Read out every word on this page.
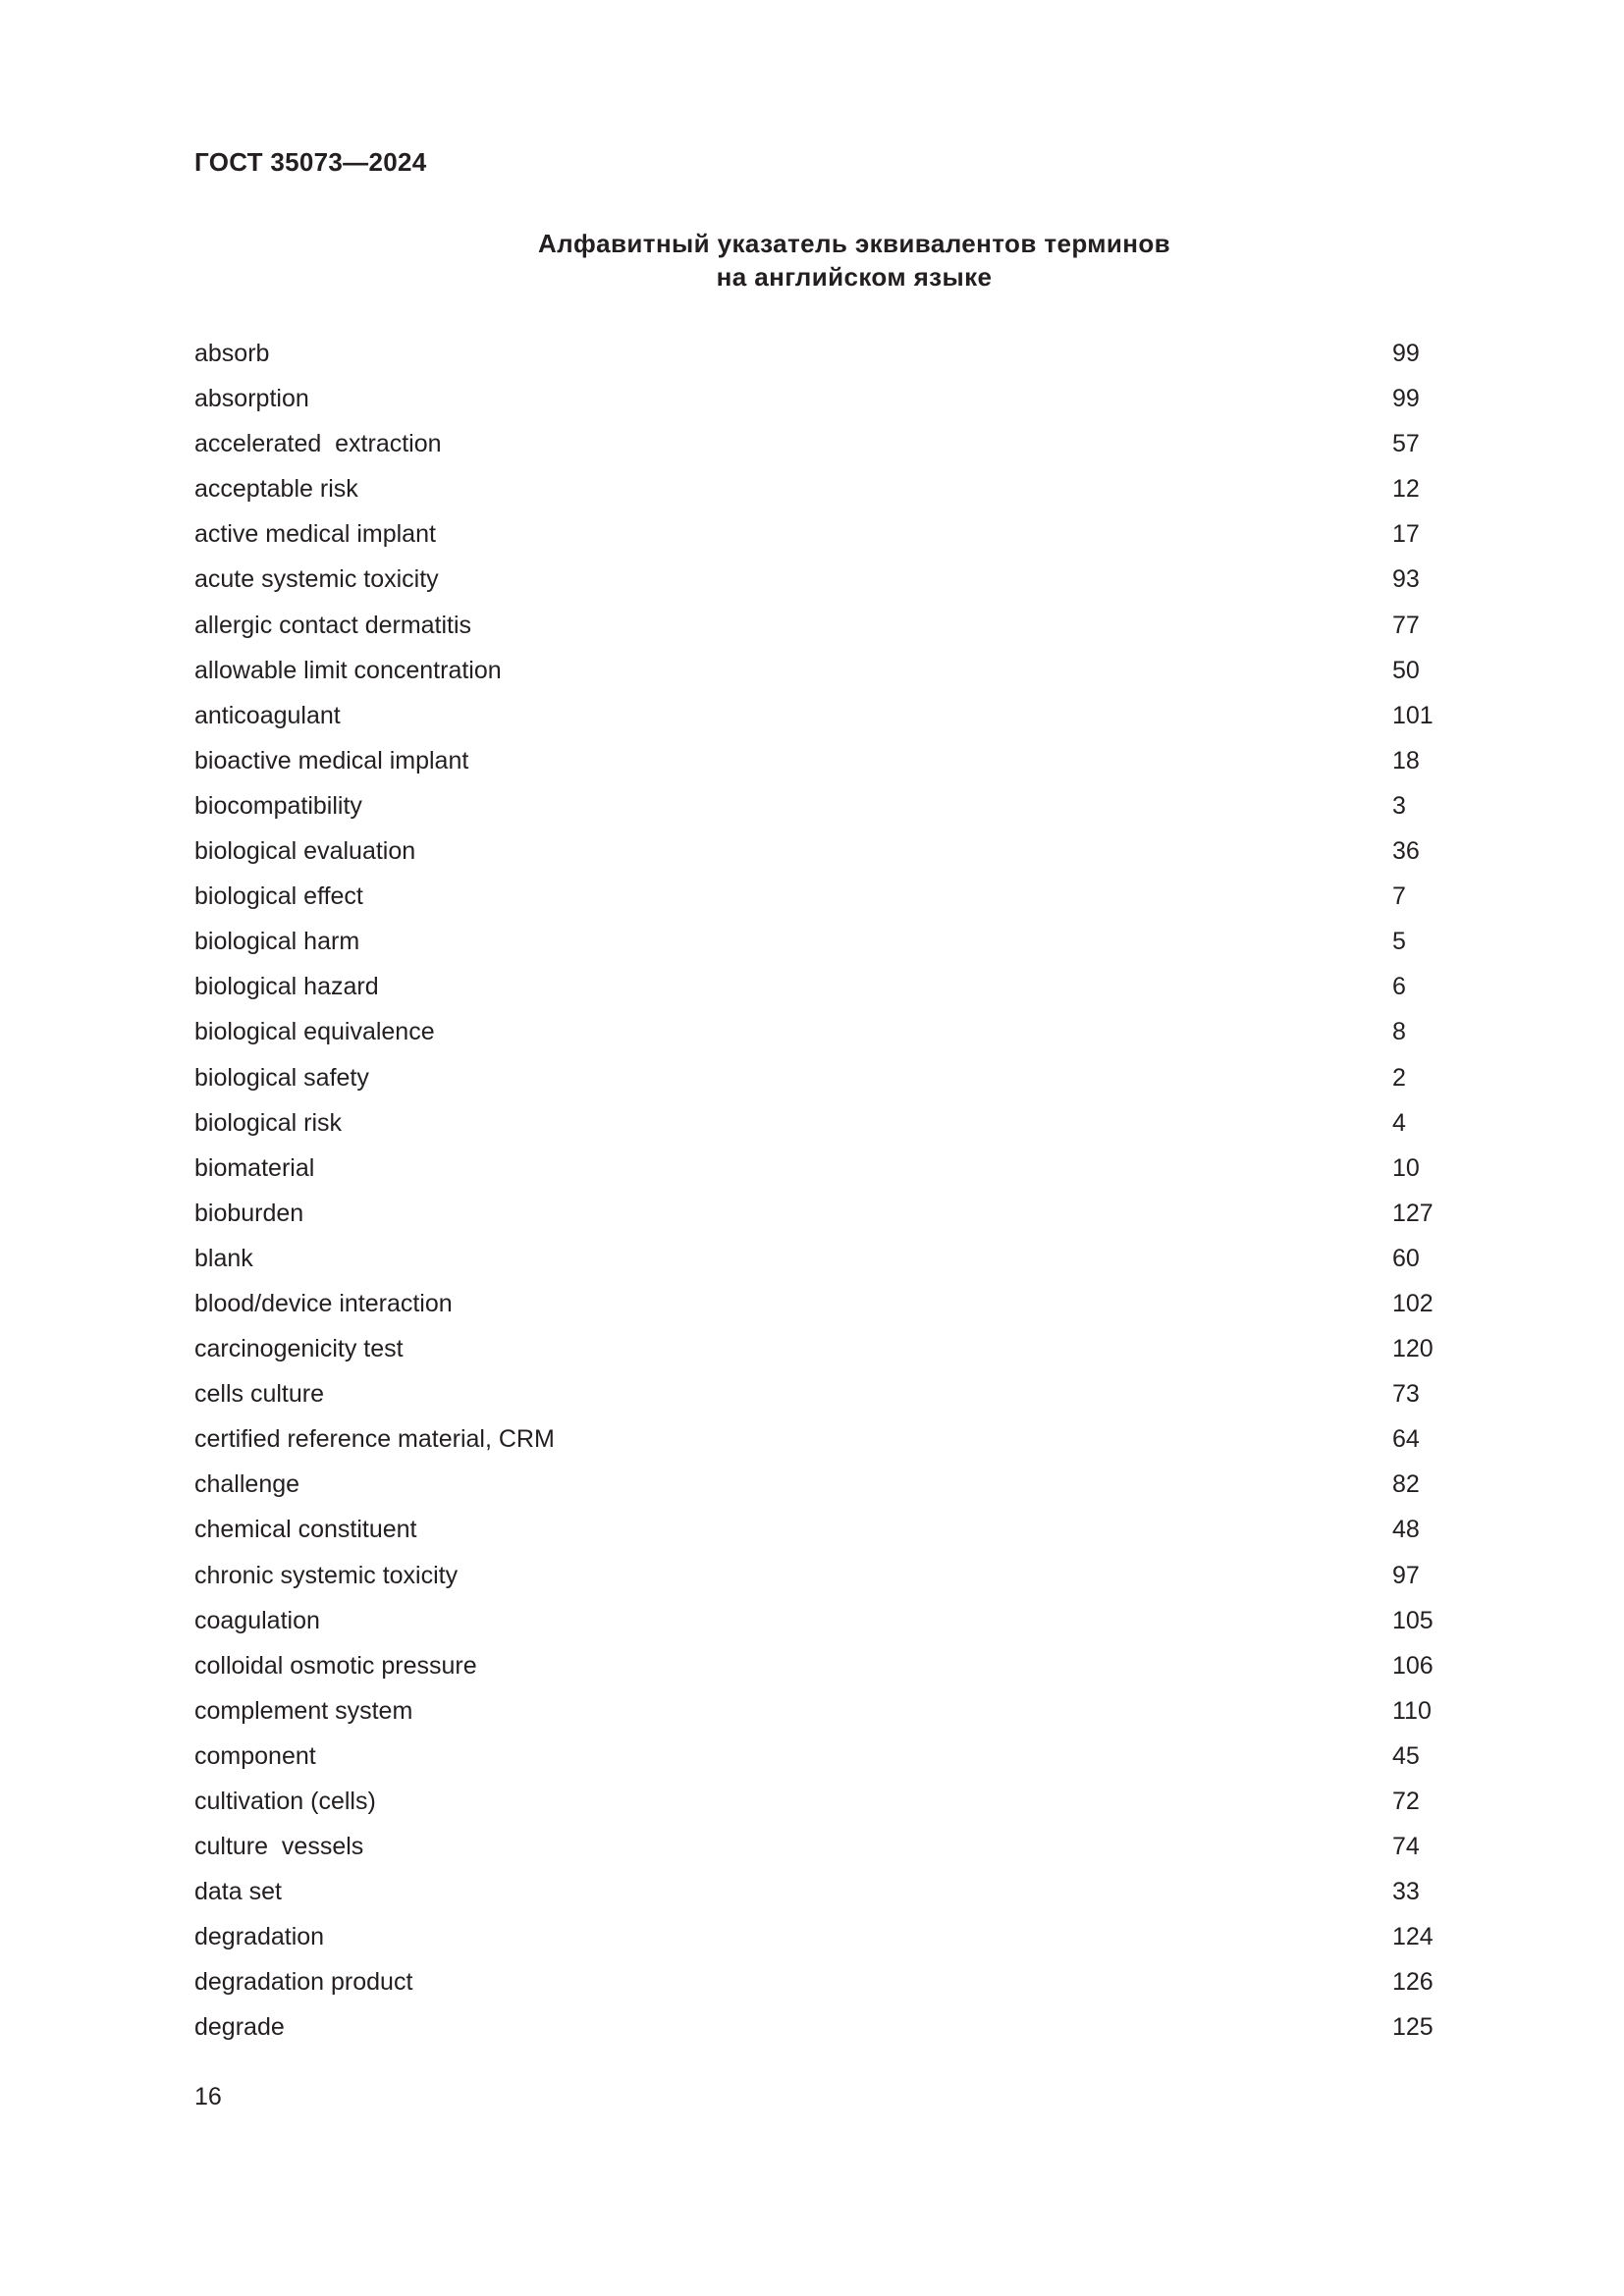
ГОСТ 35073—2024
Алфавитный указатель эквивалентов терминов
на английском языке
absorb	99
absorption	99
accelerated  extraction	57
acceptable risk	12
active medical implant	17
acute systemic toxicity	93
allergic contact dermatitis	77
allowable limit concentration	50
anticoagulant	101
bioactive medical implant	18
biocompatibility	3
biological evaluation	36
biological effect	7
biological harm	5
biological hazard	6
biological equivalence	8
biological safety	2
biological risk	4
biomaterial	10
bioburden	127
blank	60
blood/device interaction	102
carcinogenicity test	120
cells culture	73
certified reference material, CRM	64
challenge	82
chemical constituent	48
chronic systemic toxicity	97
coagulation	105
colloidal osmotic pressure	106
complement system	110
component	45
cultivation (cells)	72
culture  vessels	74
data set	33
degradation	124
degradation product	126
degrade	125
16
